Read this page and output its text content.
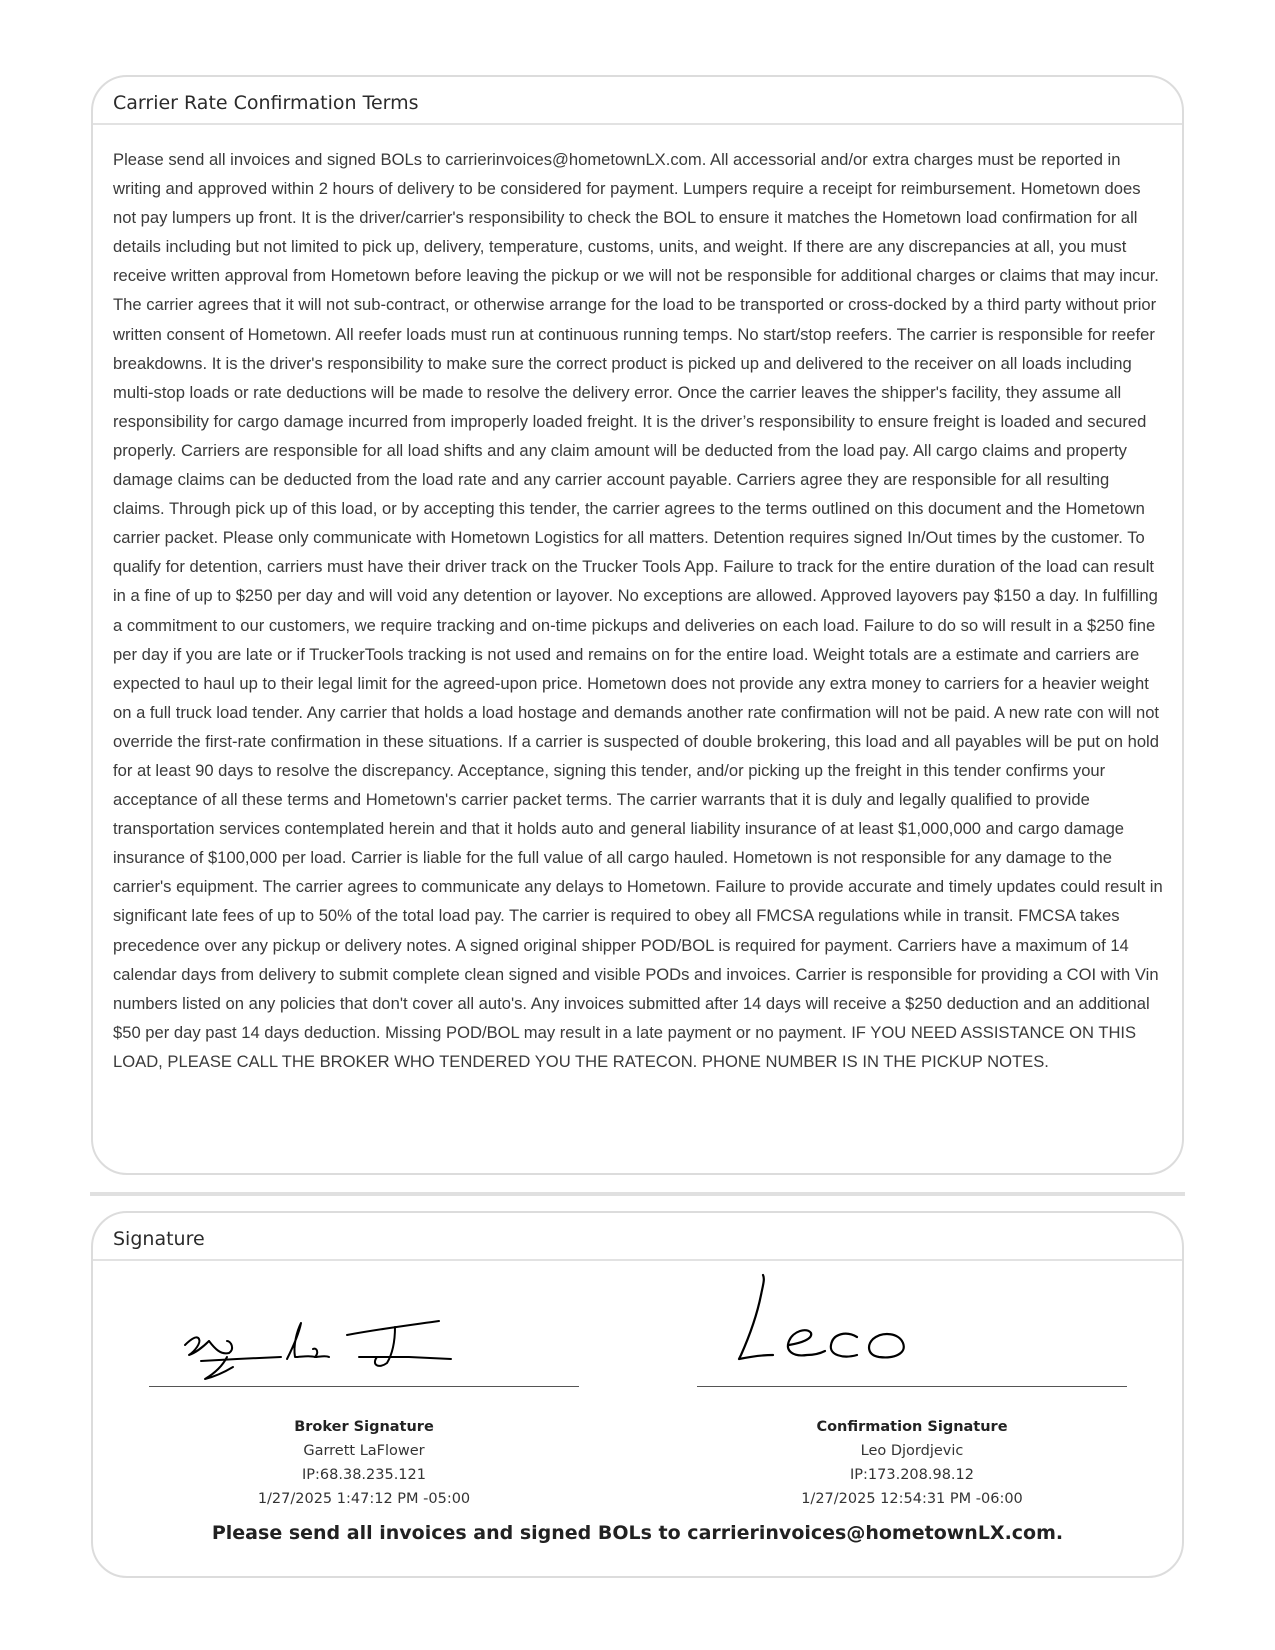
Carrier Rate Confirmation Terms
Please send all invoices and signed BOLs to carrierinvoices@hometownLX.com. All accessorial and/or extra charges must be reported in writing and approved within 2 hours of delivery to be considered for payment. Lumpers require a receipt for reimbursement. Hometown does not pay lumpers up front. It is the driver/carrier's responsibility to check the BOL to ensure it matches the Hometown load confirmation for all details including but not limited to pick up, delivery, temperature, customs, units, and weight. If there are any discrepancies at all, you must receive written approval from Hometown before leaving the pickup or we will not be responsible for additional charges or claims that may incur. The carrier agrees that it will not sub-contract, or otherwise arrange for the load to be transported or cross-docked by a third party without prior written consent of Hometown. All reefer loads must run at continuous running temps. No start/stop reefers. The carrier is responsible for reefer breakdowns. It is the driver's responsibility to make sure the correct product is picked up and delivered to the receiver on all loads including multi-stop loads or rate deductions will be made to resolve the delivery error. Once the carrier leaves the shipper's facility, they assume all responsibility for cargo damage incurred from improperly loaded freight. It is the driver’s responsibility to ensure freight is loaded and secured properly. Carriers are responsible for all load shifts and any claim amount will be deducted from the load pay. All cargo claims and property damage claims can be deducted from the load rate and any carrier account payable. Carriers agree they are responsible for all resulting claims. Through pick up of this load, or by accepting this tender, the carrier agrees to the terms outlined on this document and the Hometown carrier packet. Please only communicate with Hometown Logistics for all matters. Detention requires signed In/Out times by the customer. To qualify for detention, carriers must have their driver track on the Trucker Tools App. Failure to track for the entire duration of the load can result in a fine of up to $250 per day and will void any detention or layover. No exceptions are allowed. Approved layovers pay $150 a day. In fulfilling a commitment to our customers, we require tracking and on-time pickups and deliveries on each load. Failure to do so will result in a $250 fine per day if you are late or if TruckerTools tracking is not used and remains on for the entire load. Weight totals are a estimate and carriers are expected to haul up to their legal limit for the agreed-upon price. Hometown does not provide any extra money to carriers for a heavier weight on a full truck load tender. Any carrier that holds a load hostage and demands another rate confirmation will not be paid. A new rate con will not override the first-rate confirmation in these situations. If a carrier is suspected of double brokering, this load and all payables will be put on hold for at least 90 days to resolve the discrepancy. Acceptance, signing this tender, and/or picking up the freight in this tender confirms your acceptance of all these terms and Hometown's carrier packet terms. The carrier warrants that it is duly and legally qualified to provide transportation services contemplated herein and that it holds auto and general liability insurance of at least $1,000,000 and cargo damage insurance of $100,000 per load. Carrier is liable for the full value of all cargo hauled. Hometown is not responsible for any damage to the carrier's equipment. The carrier agrees to communicate any delays to Hometown. Failure to provide accurate and timely updates could result in significant late fees of up to 50% of the total load pay. The carrier is required to obey all FMCSA regulations while in transit. FMCSA takes precedence over any pickup or delivery notes. A signed original shipper POD/BOL is required for payment. Carriers have a maximum of 14 calendar days from delivery to submit complete clean signed and visible PODs and invoices. Carrier is responsible for providing a COI with Vin numbers listed on any policies that don't cover all auto's. Any invoices submitted after 14 days will receive a $250 deduction and an additional $50 per day past 14 days deduction. Missing POD/BOL may result in a late payment or no payment. IF YOU NEED ASSISTANCE ON THIS LOAD, PLEASE CALL THE BROKER WHO TENDERED YOU THE RATECON. PHONE NUMBER IS IN THE PICKUP NOTES.
Signature
Broker Signature
Garrett LaFlower
IP:68.38.235.121
1/27/2025 1:47:12 PM -05:00
Confirmation Signature
Leo Djordjevic
IP:173.208.98.12
1/27/2025 12:54:31 PM -06:00
Please send all invoices and signed BOLs to carrierinvoices@hometownLX.com.
